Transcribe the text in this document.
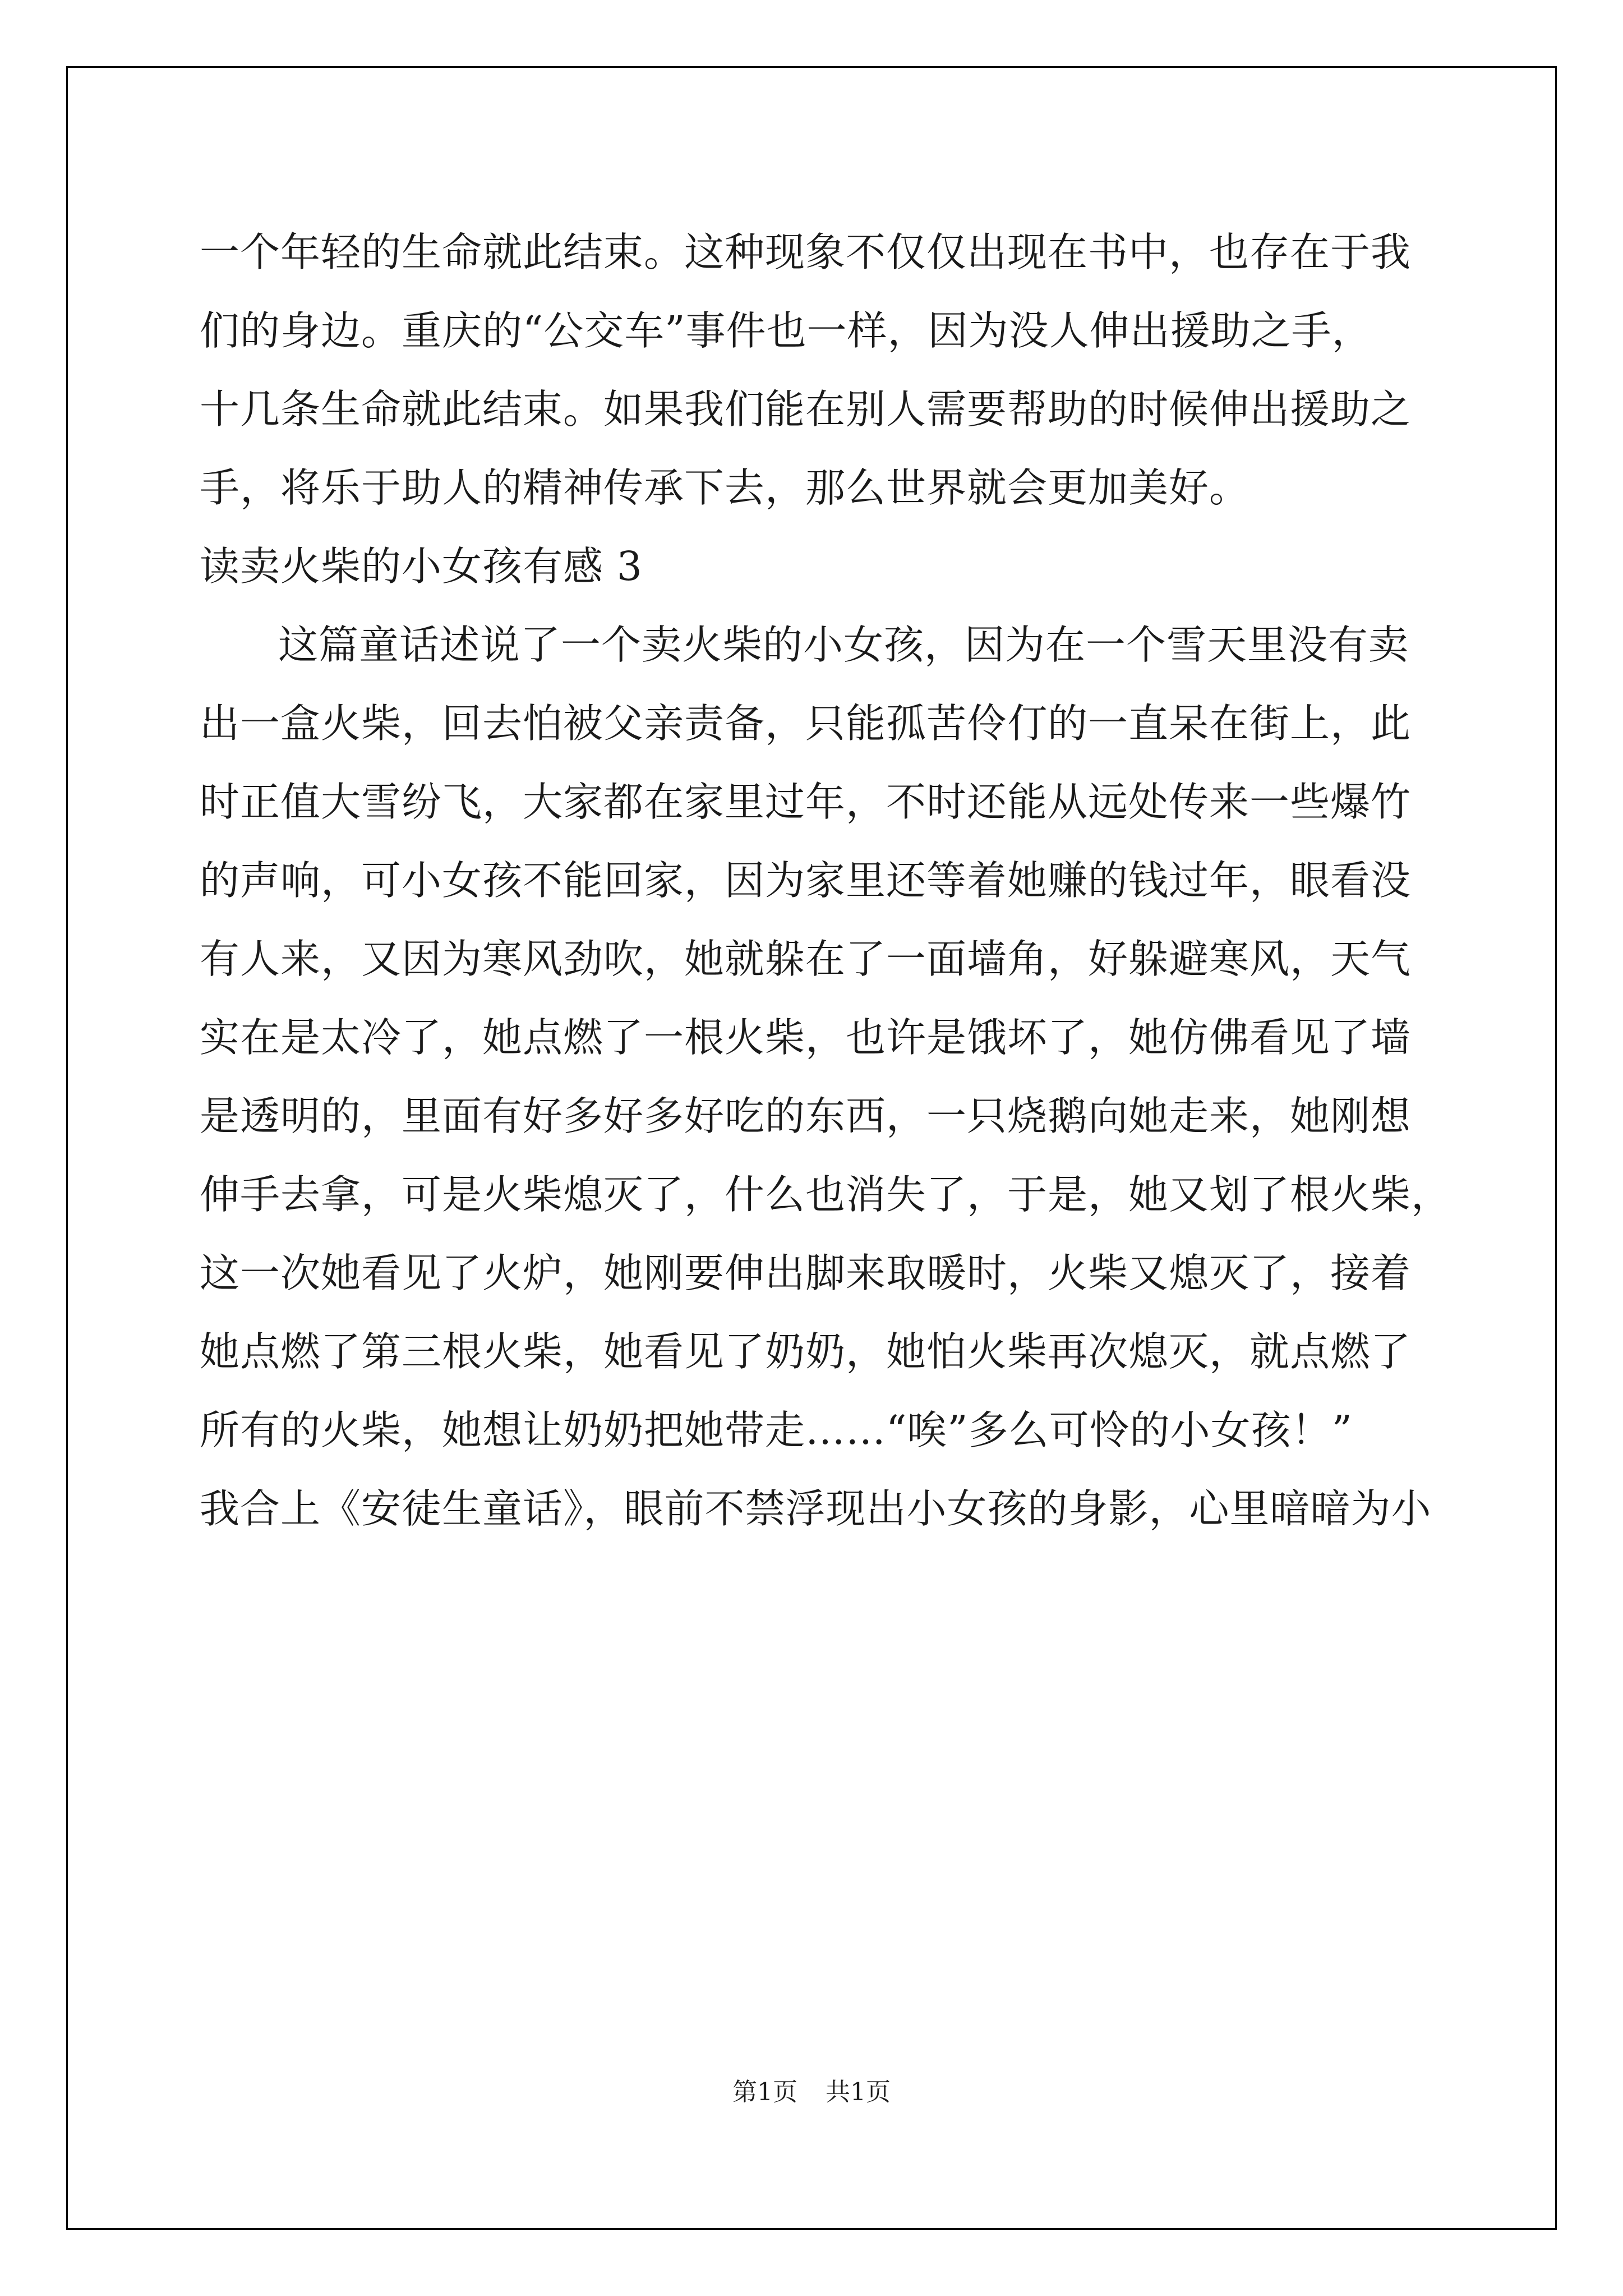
一个年轻的生命就此结束。这种现象不仅仅出现在书中，也存在于我
们的身边。重庆的“公交车”事件也一样，因为没人伸出援助之手，
十几条生命就此结束。如果我们能在别人需要帮助的时候伸出援助之
手，将乐于助人的精神传承下去，那么世界就会更加美好。
读卖火柴的小女孩有感 3
这篇童话述说了一个卖火柴的小女孩，因为在一个雪天里没有卖
出一盒火柴，回去怕被父亲责备，只能孤苦伶仃的一直呆在街上，此
时正值大雪纷飞，大家都在家里过年，不时还能从远处传来一些爆竹
的声响，可小女孩不能回家，因为家里还等着她赚的钱过年，眼看没
有人来，又因为寒风劲吹，她就躲在了一面墙角，好躲避寒风，天气
实在是太冷了，她点燃了一根火柴，也许是饿坏了，她仿佛看见了墙
是透明的，里面有好多好多好吃的东西，一只烧鹅向她走来，她刚想
伸手去拿，可是火柴熄灭了，什么也消失了，于是，她又划了根火柴，
这一次她看见了火炉，她刚要伸出脚来取暖时，火柴又熄灭了，接着
她点燃了第三根火柴，她看见了奶奶，她怕火柴再次熄灭，就点燃了
所有的火柴，她想让奶奶把她带走……“唉”多么可怜的小女孩！”
我合上《安徒生童话》，眼前不禁浮现出小女孩的身影，心里暗暗为小
第1页 共1页
